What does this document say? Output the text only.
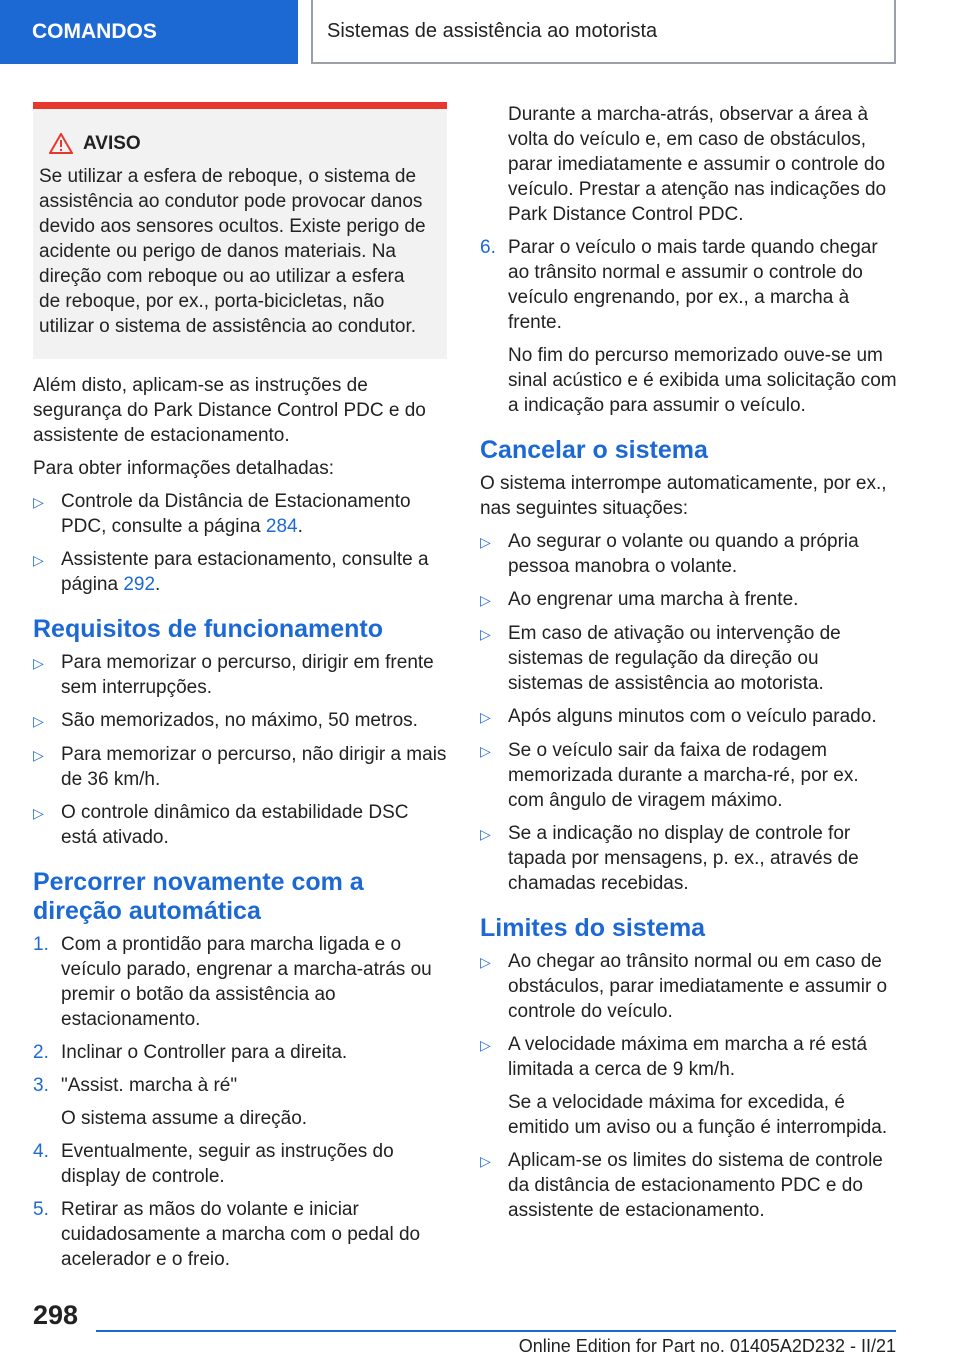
COMANDOS	Sistemas de assistência ao motorista
AVISO
Se utilizar a esfera de reboque, o sistema de assistência ao condutor pode provocar danos devido aos sensores ocultos. Existe perigo de acidente ou perigo de danos materiais. Na direção com reboque ou ao utilizar a esfera de reboque, por ex., porta-bicicletas, não utilizar o sistema de assistência ao condutor.

Além disto, aplicam-se as instruções de segurança do Park Distance Control PDC e do assistente de estacionamento.

Para obter informações detalhadas:

▷ Controle da Distância de Estacionamento PDC, consulte a página 284.
▷ Assistente para estacionamento, consulte a página 292.
Requisitos de funcionamento
▷ Para memorizar o percurso, dirigir em frente sem interrupções.
▷ São memorizados, no máximo, 50 metros.
▷ Para memorizar o percurso, não dirigir a mais de 36 km/h.
▷ O controle dinâmico da estabilidade DSC está ativado.
Percorrer novamente com a direção automática
1. Com a prontidão para marcha ligada e o veículo parado, engrenar a marcha-atrás ou premir o botão da assistência ao estacionamento.
2. Inclinar o Controller para a direita.
3. "Assist. marcha à ré"
O sistema assume a direção.
4. Eventualmente, seguir as instruções do display de controle.
5. Retirar as mãos do volante e iniciar cuidadosamente a marcha com o pedal do acelerador e o freio.
Durante a marcha-atrás, observar a área à volta do veículo e, em caso de obstáculos, parar imediatamente e assumir o controle do veículo. Prestar a atenção nas indicações do Park Distance Control PDC.
6. Parar o veículo o mais tarde quando chegar ao trânsito normal e assumir o controle do veículo engrenando, por ex., a marcha à frente.
No fim do percurso memorizado ouve-se um sinal acústico e é exibida uma solicitação com a indicação para assumir o veículo.
Cancelar o sistema

O sistema interrompe automaticamente, por ex., nas seguintes situações:

▷ Ao segurar o volante ou quando a própria pessoa manobra o volante.
▷ Ao engrenar uma marcha à frente.
▷ Em caso de ativação ou intervenção de sistemas de regulação da direção ou sistemas de assistência ao motorista.
▷ Após alguns minutos com o veículo parado.
▷ Se o veículo sair da faixa de rodagem memorizada durante a marcha-ré, por ex. com ângulo de viragem máximo.
▷ Se a indicação no display de controle for tapada por mensagens, p. ex., através de chamadas recebidas.
Limites do sistema
▷ Ao chegar ao trânsito normal ou em caso de obstáculos, parar imediatamente e assumir o controle do veículo.
▷ A velocidade máxima em marcha a ré está limitada a cerca de 9 km/h.
Se a velocidade máxima for excedida, é emitido um aviso ou a função é interrompida.
▷ Aplicam-se os limites do sistema de controle da distância de estacionamento PDC e do assistente de estacionamento.
298
Online Edition for Part no. 01405A2D232 - II/21
